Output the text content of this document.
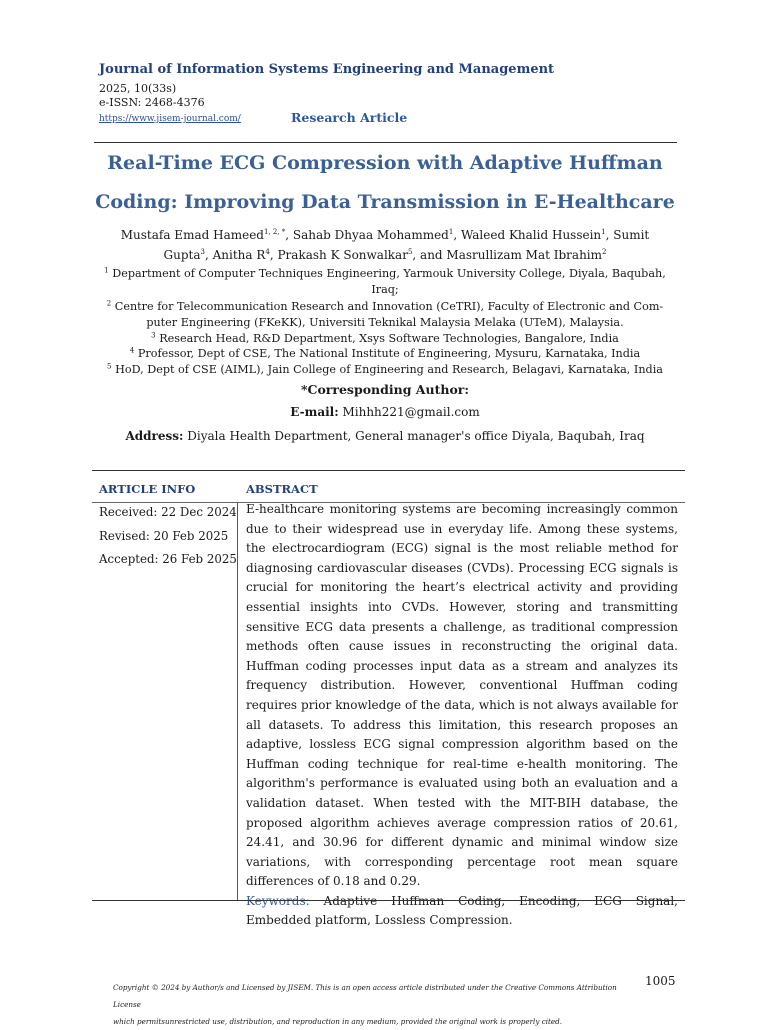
Journal of Information Systems Engineering and Management
2025, 10(33s)
e-ISSN: 2468-4376
https://www.jisem-journal.com/	Research Article
Real-Time ECG Compression with Adaptive Huffman
Coding: Improving Data Transmission in E-Healthcare
Mustafa Emad Hameed$^{1, 2, *}$, Sahab Dhyaa Mohammed$^1$, Waleed Khalid Hussein$^1$, Sumit
Gupta$^3$, Anitha $R^4$, Prakash K Sonwalkar$^5$, and Masrullizam Mat Ibrahim$^2$
$^1$ Department of Computer Techniques Engineering, Yarmouk University College, Diyala, Baqubah,
Iraq;
$^2$ Centre for Telecommunication Research and Innovation (CeTRI), Faculty of Electronic and Com-
puter Engineering (FKeKK), Universiti Teknikal Malaysia Melaka (UTeM), Malaysia.
$^3$ Research Head, R&D Department, Xsys Software Technologies, Bangalore, India
$^4$ Professor, Dept of CSE, The National Institute of Engineering, Mysuru, Karnataka, India
$^5$ HoD, Dept of CSE (AIML), Jain College of Engineering and Research, Belagavi, Karnataka, India
*Corresponding Author:
E-mail: Mihhh221@gmail.com
Address: Diyala Health Department, General manager's office Diyala, Baqubah, Iraq
ARTICLE INFO	ABSTRACT
Received: 22 Dec 2024
Revised: 20 Feb 2025
Accepted: 26 Feb 2025
E-healthcare monitoring systems are becoming increasingly common due to their widespread use in everyday life. Among these systems, the electrocardiogram (ECG) signal is the most reliable method for diagnosing cardiovascular diseases (CVDs). Processing ECG signals is crucial for monitoring the heart’s electrical activity and providing essential insights into CVDs. However, storing and transmitting sensitive ECG data presents a challenge, as traditional compression methods often cause issues in reconstructing the original data. Huffman coding processes input data as a stream and analyzes its frequency distribution. However, conventional Huffman coding requires prior knowledge of the data, which is not always available for all datasets. To address this limitation, this research proposes an adaptive, lossless ECG signal compression algorithm based on the Huffman coding technique for real-time e-health monitoring. The algorithm's performance is evaluated using both an evaluation and a validation dataset. When tested with the MIT-BIH database, the proposed algorithm achieves average compression ratios of 20.61, 24.41, and 30.96 for different dynamic and minimal window size variations, with corresponding percentage root mean square differences of 0.18 and 0.29.
Embedded platform, Lossless Compression.
Copyright © 2024 by Author/s and Licensed by JISEM. This is an open access article distributed under the Creative Commons Attribution License
which permitsunrestricted use, distribution, and reproduction in any medium, provided the original work is properly cited.
1005
